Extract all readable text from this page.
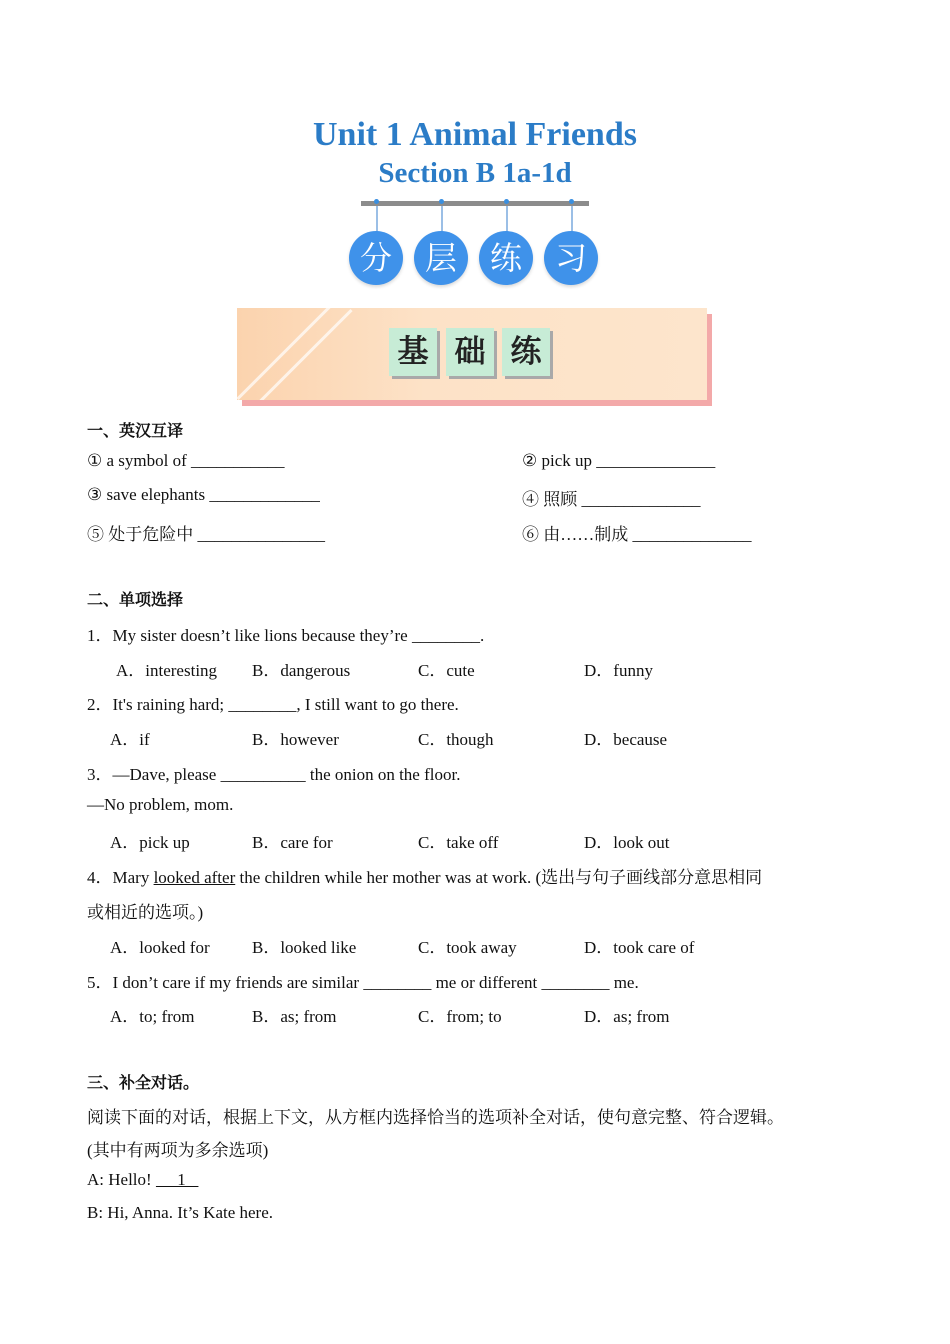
Unit 1 Animal Friends
Section B 1a-1d
分	层	练	习
基 础 练
一、英汉互译
① a symbol of ___________	② pick up ______________
③ save elephants _____________	④ 照顾 ______________
⑤ 处于危险中 _______________	⑥ 由……制成 ______________
二、单项选择
1．My sister doesn’t like lions because they’re ________.
A．interesting B．dangerous	C．cute	D．funny
2．It's raining hard; ________, I still want to go there.
A．if	B．however	C．though	D．because
3．—Dave, please __________ the onion on the floor.
—No problem, mom.
A．pick up	B．care for	C．take off	D．look out
4．Mary looked after the children while her mother was at work. (选出与句子画线部分意思相同
或相近的选项。)
A．looked for B．looked like	C．took away	D．took care of
5．I don’t care if my friends are similar ________ me or different ________ me.
A．to; from	B．as; from	C．from; to	D．as; from
三、补全对话。
阅读下面的对话，根据上下文，从方框内选择恰当的选项补全对话，使句意完整、符合逻辑。
(其中有两项为多余选项)
A: Hello!      1
B: Hi, Anna. It’s Kate here.
